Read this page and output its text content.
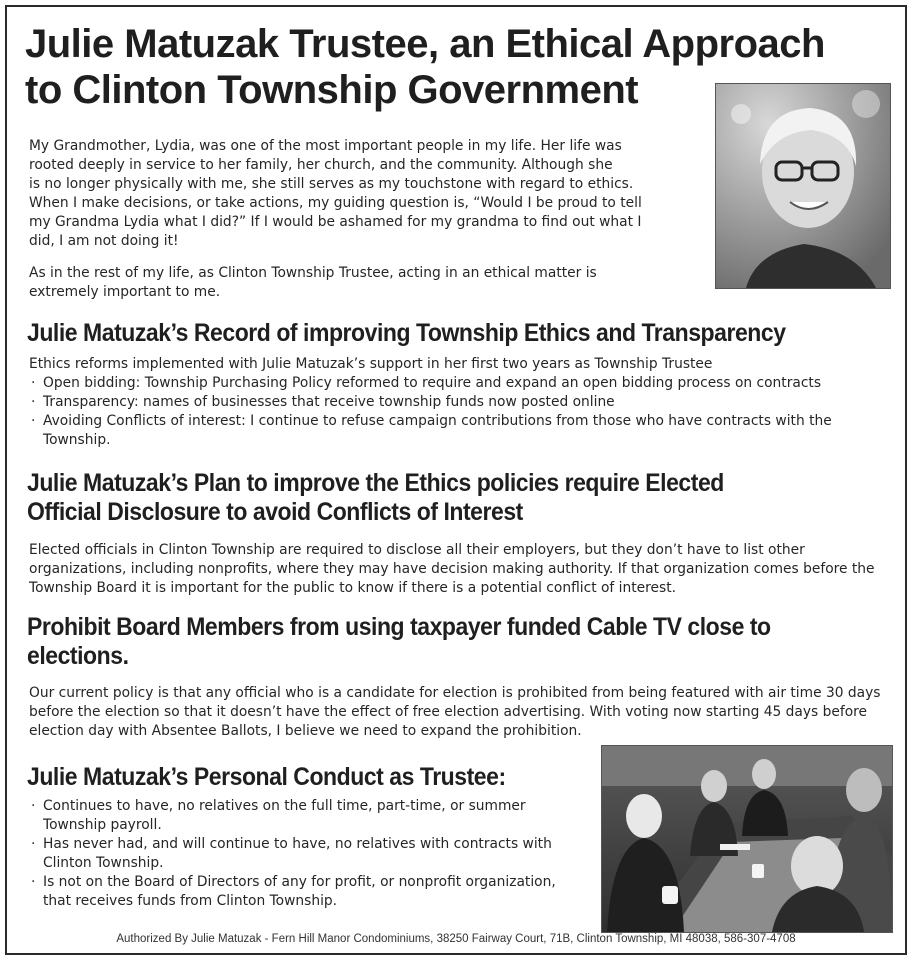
Julie Matuzak Trustee, an Ethical Approach
to Clinton Township Government
My Grandmother, Lydia, was one of the most important people in my life. Her life was
rooted deeply in service to her family, her church, and the community. Although she
is no longer physically with me, she still serves as my touchstone with regard to ethics.
When I make decisions, or take actions, my guiding question is, “Would I be proud to tell
my Grandma Lydia what I did?” If I would be ashamed for my grandma to find out what I
did, I am not doing it!
As in the rest of my life, as Clinton Township Trustee, acting in an ethical matter is
extremely important to me.
Julie Matuzak’s Record of improving Township Ethics and Transparency
Ethics reforms implemented with Julie Matuzak’s support in her first two years as Township Trustee
· Open bidding: Township Purchasing Policy reformed to require and expand an open bidding process on contracts
· Transparency: names of businesses that receive township funds now posted online
· Avoiding Conflicts of interest: I continue to refuse campaign contributions from those who have contracts with the Township.
Julie Matuzak’s Plan to improve the Ethics policies require Elected
Official Disclosure to avoid Conflicts of Interest
Elected officials in Clinton Township are required to disclose all their employers, but they don’t have to list other organizations, including nonprofits, where they may have decision making authority. If that organization comes before the Township Board it is important for the public to know if there is a potential conflict of interest.
Prohibit Board Members from using taxpayer funded Cable TV close to
elections.
Our current policy is that any official who is a candidate for election is prohibited from being featured with air time 30 days before the election so that it doesn’t have the effect of free election advertising. With voting now starting 45 days before election day with Absentee Ballots, I believe we need to expand the prohibition.
Julie Matuzak’s Personal Conduct as Trustee:
· Continues to have, no relatives on the full time, part-time, or summer Township payroll.
· Has never had, and will continue to have, no relatives with contracts with Clinton Township.
· Is not on the Board of Directors of any for profit, or nonprofit organization, that receives funds from Clinton Township.
Authorized By Julie Matuzak - Fern Hill Manor Condominiums, 38250 Fairway Court, 71B, Clinton Township, MI 48038, 586-307-4708
